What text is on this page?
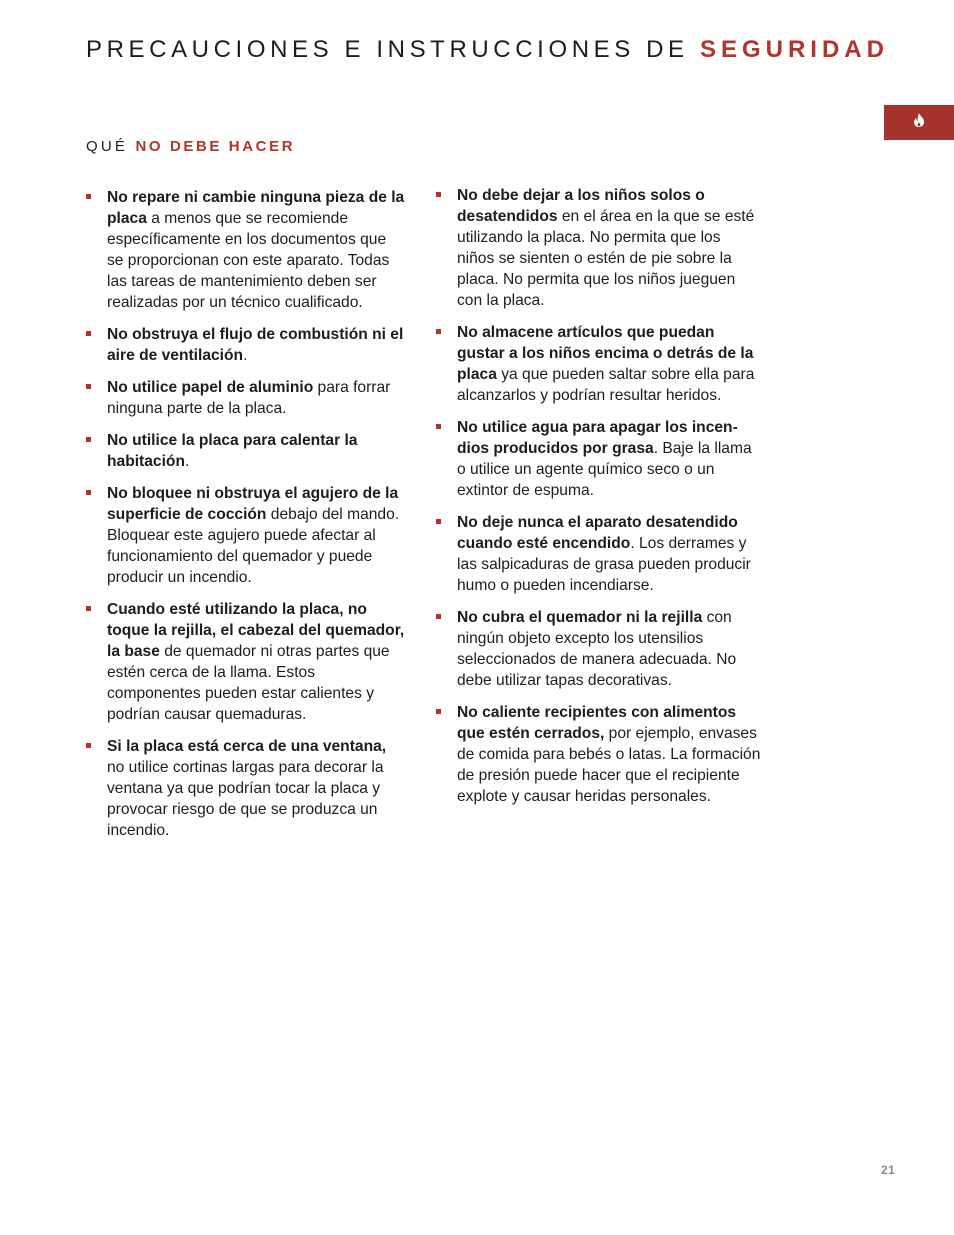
PRECAUCIONES E INSTRUCCIONES DE SEGURIDAD
QUÉ NO DEBE HACER
No repare ni cambie ninguna pieza de la placa a menos que se recomiende específicamente en los documentos que se proporcionan con este aparato. Todas las tareas de mantenimiento deben ser realizadas por un técnico cualificado.
No obstruya el flujo de combustión ni el aire de ventilación.
No utilice papel de aluminio para forrar ninguna parte de la placa.
No utilice la placa para calentar la habitación.
No bloquee ni obstruya el agujero de la superficie de cocción debajo del mando. Bloquear este agujero puede afectar al funcionamiento del quemador y puede producir un incendio.
Cuando esté utilizando la placa, no toque la rejilla, el cabezal del quemador, la base de quemador ni otras partes que estén cerca de la llama. Estos componentes pueden estar calientes y podrían causar quemaduras.
Si la placa está cerca de una ventana, no utilice cortinas largas para decorar la ventana ya que podrían tocar la placa y provocar riesgo de que se produzca un incendio.
No debe dejar a los niños solos o desatendidos en el área en la que se esté utilizando la placa. No permita que los niños se sienten o estén de pie sobre la placa. No permita que los niños jueguen con la placa.
No almacene artículos que puedan gustar a los niños encima o detrás de la placa ya que pueden saltar sobre ella para alcanzarlos y podrían resultar heridos.
No utilice agua para apagar los incen- dios producidos por grasa. Baje la llama o utilice un agente químico seco o un extintor de espuma.
No deje nunca el aparato desatendido cuando esté encendido. Los derrames y las salpicaduras de grasa pueden producir humo o pueden incendiarse.
No cubra el quemador ni la rejilla con ningún objeto excepto los utensilios seleccionados de manera adecuada. No debe utilizar tapas decorativas.
No caliente recipientes con alimentos que estén cerrados, por ejemplo, envases de comida para bebés o latas. La formación de presión puede hacer que el recipiente explote y causar heridas personales.
21
